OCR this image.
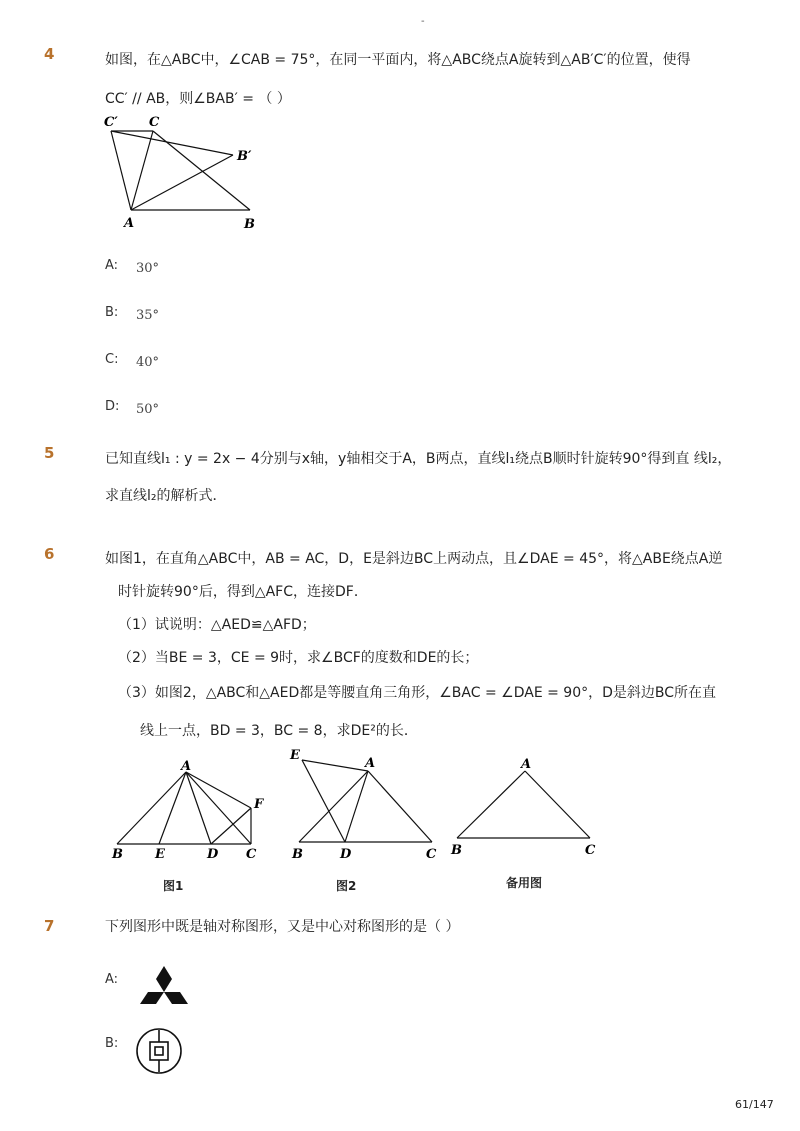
-
4	如图，在△ABC中，∠CAB = 75°，在同一平面内，将△ABC绕点A旋转到△AB′C′的位置，使得
CC′ // AB，则∠BAB′ = （ ）
C′ C
B′
A	B
A: 30°
B: 35°
C: 40°
D: 50°
5	已知直线l₁ : y = 2x − 4分别与x轴，y轴相交于A，B两点，直线l₁绕点B顺时针旋转90°得到直 线l₂，
求直线l₂的解析式．
6	如图1，在直角△ABC中，AB = AC，D，E是斜边BC上两动点，且∠DAE = 45°，将△ABE绕点A逆
时针旋转90°后，得到△AFC，连接DF．
（1）试说明：△AED≌△AFD；
（2）当BE = 3，CE = 9时，求∠BCF的度数和DE的长；
（3）如图2，△ABC和△AED都是等腰直角三角形，∠BAC = ∠DAE = 90°，D是斜边BC所在直
线上一点，BD = 3，BC = 8，求DE²的长．
A
F
B E	D C
图1
E
A
B	D	C
图2
A
B	C
备用图
7	下列图形中既是轴对称图形，又是中心对称图形的是（ ）
A:
B:
61/147
